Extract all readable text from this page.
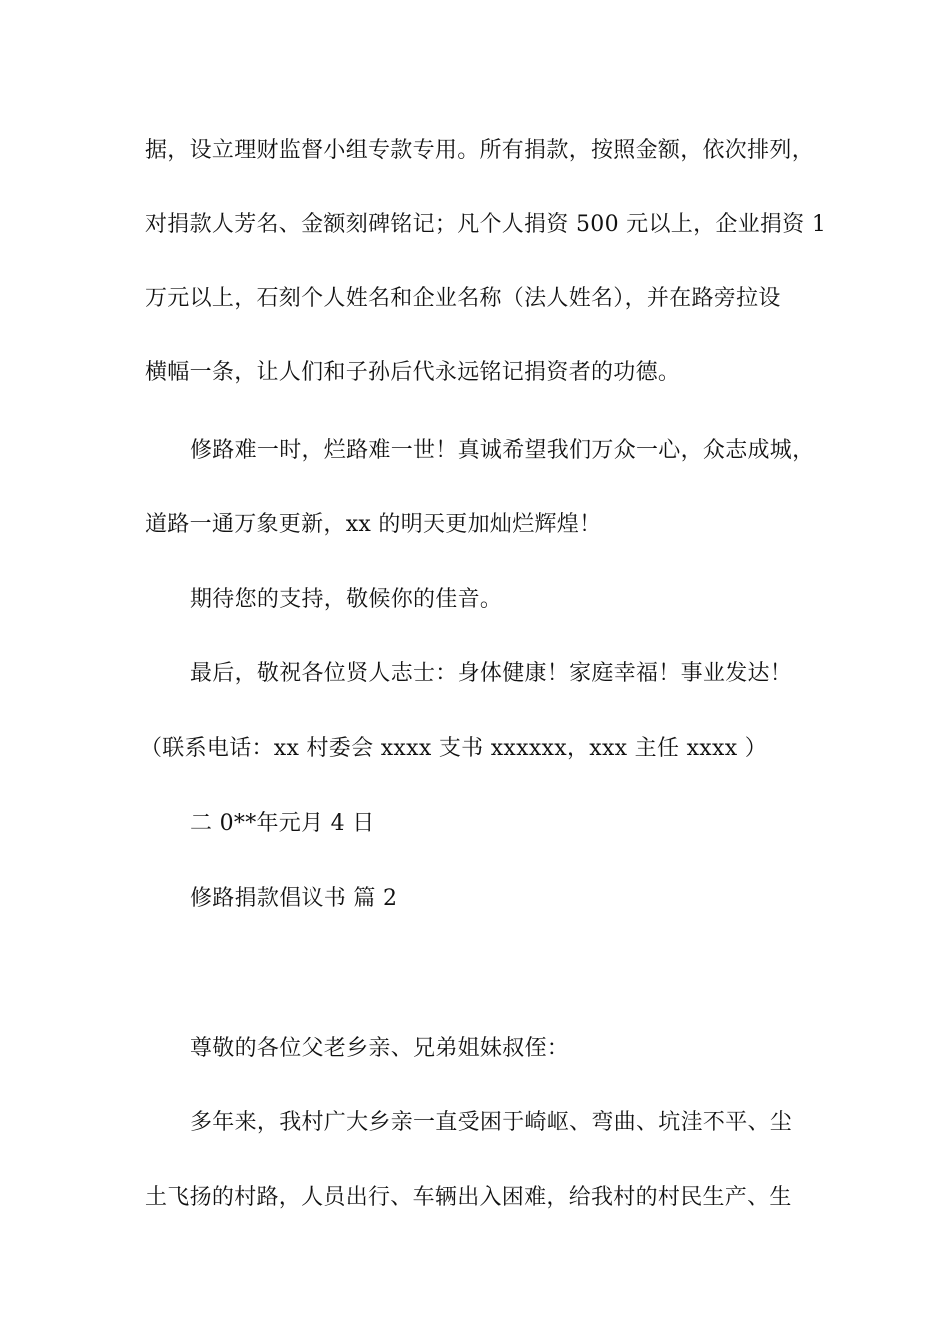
据，设立理财监督小组专款专用。所有捐款，按照金额，依次排列，
对捐款人芳名、金额刻碑铭记；凡个人捐资 500 元以上，企业捐资 1
万元以上，石刻个人姓名和企业名称（法人姓名），并在路旁拉设
横幅一条，让人们和子孙后代永远铭记捐资者的功德。
修路难一时，烂路难一世！真诚希望我们万众一心，众志成城，
道路一通万象更新，xx 的明天更加灿烂辉煌！
期待您的支持，敬候你的佳音。
最后，敬祝各位贤人志士：身体健康！家庭幸福！事业发达！
（联系电话：xx 村委会 xxxx 支书 xxxxxx，xxx 主任 xxxx ）
二 0**年元月 4 日
修路捐款倡议书 篇 2
尊敬的各位父老乡亲、兄弟姐妹叔侄：
多年来，我村广大乡亲一直受困于崎岖、弯曲、坑洼不平、尘
土飞扬的村路，人员出行、车辆出入困难，给我村的村民生产、生
